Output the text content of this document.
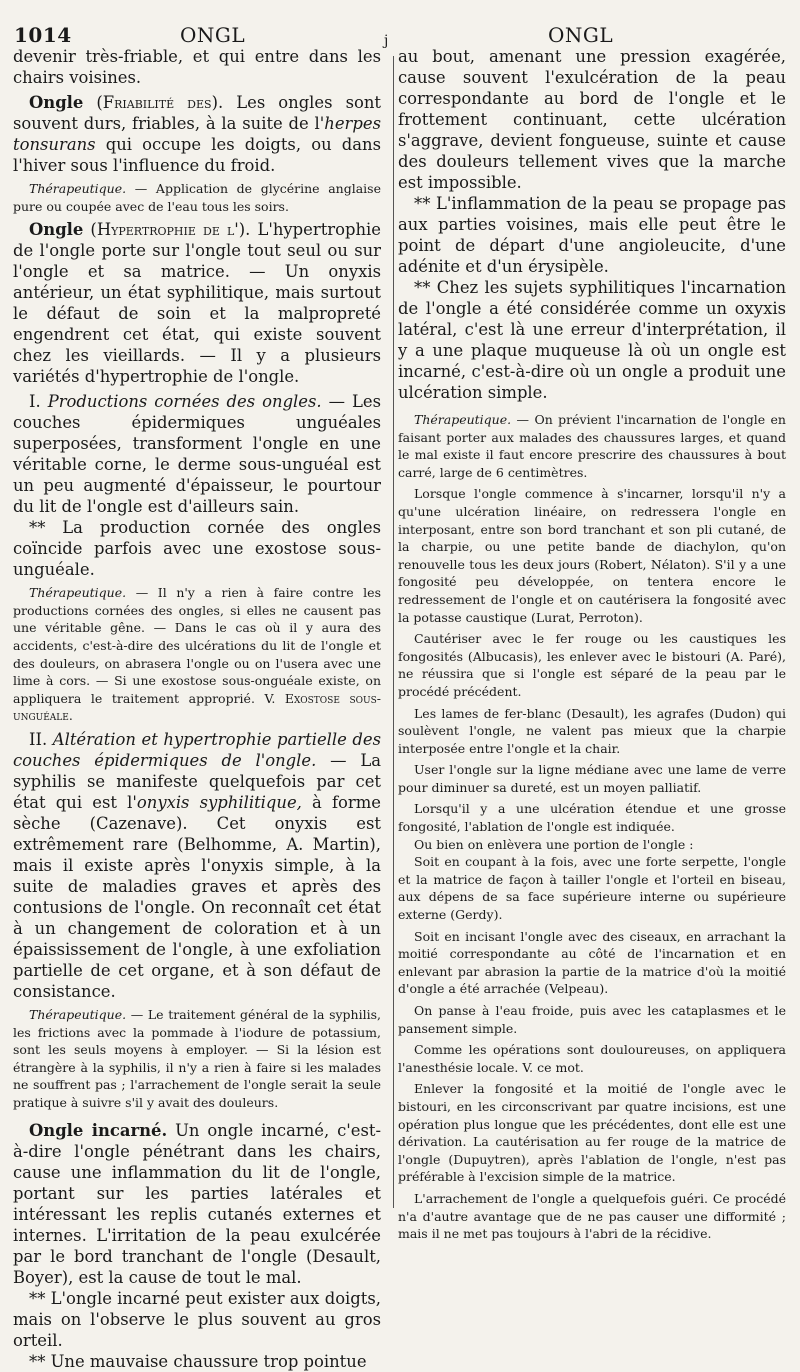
1014	ONGL	j	ONGL

devenir très-friable, et qui entre dans les chairs voisines.

Ongle (Friabilité des). Les ongles sont souvent durs, friables, à la suite de l'herpes tonsurans qui occupe les doigts, ou dans l'hiver sous l'influence du froid.

Thérapeutique. — Application de glycérine anglaise pure ou coupée avec de l'eau tous les soirs.

Ongle (Hypertrophie de l'). L'hypertrophie de l'ongle porte sur l'ongle tout seul ou sur l'ongle et sa matrice. — Un onyxis antérieur, un état syphilitique, mais surtout le défaut de soin et la malpropreté engendrent cet état, qui existe souvent chez les vieillards. — Il y a plusieurs variétés d'hypertrophie de l'ongle.

I. Productions cornées des ongles. — Les couches épidermiques unguéales superposées, transforment l'ongle en une véritable corne, le derme sous-unguéal est un peu augmenté d'épaisseur, le pourtour du lit de l'ongle est d'ailleurs sain.

** La production cornée des ongles coïncide parfois avec une exostose sous-unguéale.

Thérapeutique. — Il n'y a rien à faire contre les productions cornées des ongles, si elles ne causent pas une véritable gêne. — Dans le cas où il y aura des accidents, c'est-à-dire des ulcérations du lit de l'ongle et des douleurs, on abrasera l'ongle ou on l'usera avec une lime à cors. — Si une exostose sous-onguéale existe, on appliquera le traitement approprié. V. Exostose sous-unguéale.

II. Altération et hypertrophie partielle des couches épidermiques de l'ongle. — La syphilis se manifeste quelquefois par cet état qui est l'onyxis syphilitique, à forme sèche (Cazenave). Cet onyxis est extrêmement rare (Belhomme, A. Martin), mais il existe après l'onyxis simple, à la suite de maladies graves et après des contusions de l'ongle. On reconnaît cet état à un changement de coloration et à un épaississement de l'ongle, à une exfoliation partielle de cet organe, et à son défaut de consistance.

Thérapeutique. — Le traitement général de la syphilis, les frictions avec la pommade à l'iodure de potassium, sont les seuls moyens à employer. — Si la lésion est étrangère à la syphilis, il n'y a rien à faire si les malades ne souffrent pas ; l'arrachement de l'ongle serait la seule pratique à suivre s'il y avait des douleurs.

Ongle incarné. Un ongle incarné, c'est-à-dire l'ongle pénétrant dans les chairs, cause une inflammation du lit de l'ongle, portant sur les parties latérales et intéressant les replis cutanés externes et internes. L'irritation de la peau exulcérée par le bord tranchant de l'ongle (Desault, Boyer), est la cause de tout le mal.

** L'ongle incarné peut exister aux doigts, mais on l'observe le plus souvent au gros orteil.

** Une mauvaise chaussure trop pointue

au bout, amenant une pression exagérée, cause souvent l'exulcération de la peau correspondante au bord de l'ongle et le frottement continuant, cette ulcération s'aggrave, devient fongueuse, suinte et cause des douleurs tellement vives que la marche est impossible.

** L'inflammation de la peau se propage pas aux parties voisines, mais elle peut être le point de départ d'une angioleucite, d'une adénite et d'un érysipèle.

** Chez les sujets syphilitiques l'incarnation de l'ongle a été considérée comme un oxyxis latéral, c'est là une erreur d'interprétation, il y a une plaque muqueuse là où un ongle est incarné, c'est-à-dire où un ongle a produit une ulcération simple.

Thérapeutique. — On prévient l'incarnation de l'ongle en faisant porter aux malades des chaussures larges, et quand le mal existe il faut encore prescrire des chaussures à bout carré, large de 6 centimètres.

Lorsque l'ongle commence à s'incarner, lorsqu'il n'y a qu'une ulcération linéaire, on redressera l'ongle en interposant, entre son bord tranchant et son pli cutané, de la charpie, ou une petite bande de diachylon, qu'on renouvelle tous les deux jours (Robert, Nélaton). S'il y a une fongosité peu développée, on tentera encore le redressement de l'ongle et on cautérisera la fongosité avec la potasse caustique (Lurat, Perroton).

Cautériser avec le fer rouge ou les caustiques les fongosités (Albucasis), les enlever avec le bistouri (A. Paré), ne réussira que si l'ongle est séparé de la peau par le procédé précédent.

Les lames de fer-blanc (Desault), les agrafes (Dudon) qui soulèvent l'ongle, ne valent pas mieux que la charpie interposée entre l'ongle et la chair.

User l'ongle sur la ligne médiane avec une lame de verre pour diminuer sa dureté, est un moyen palliatif.

Lorsqu'il y a une ulcération étendue et une grosse fongosité, l'ablation de l'ongle est indiquée.

Ou bien on enlèvera une portion de l'ongle :

Soit en coupant à la fois, avec une forte serpette, l'ongle et la matrice de façon à tailler l'ongle et l'orteil en biseau, aux dépens de sa face supérieure interne ou supérieure externe (Gerdy).

Soit en incisant l'ongle avec des ciseaux, en arrachant la moitié correspondante au côté de l'incarnation et en enlevant par abrasion la partie de la matrice d'où la moitié d'ongle a été arrachée (Velpeau).

On panse à l'eau froide, puis avec les cataplasmes et le pansement simple.

Comme les opérations sont douloureuses, on appliquera l'anesthésie locale. V. ce mot.

Enlever la fongosité et la moitié de l'ongle avec le bistouri, en les circonscrivant par quatre incisions, est une opération plus longue que les précédentes, dont elle est une dérivation. La cautérisation au fer rouge de la matrice de l'ongle (Dupuytren), après l'ablation de l'ongle, n'est pas préférable à l'excision simple de la matrice.

L'arrachement de l'ongle a quelquefois guéri. Ce procédé n'a d'autre avantage que de ne pas causer une difformité ; mais il ne met pas toujours à l'abri de la récidive.
